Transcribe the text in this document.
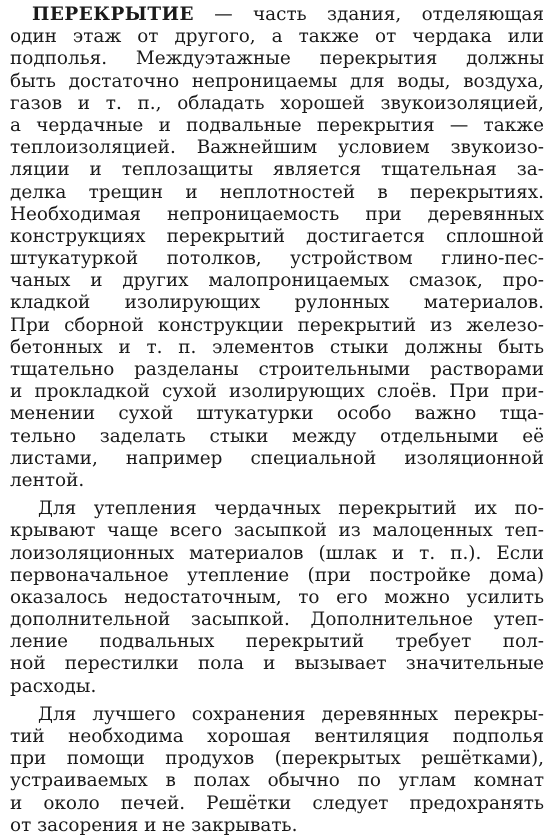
ПЕРЕКРЫТИЕ — часть здания, отделяющая
один этаж от другого, а также от чердака или
подполья. Междуэтажные перекрытия должны
быть достаточно непроницаемы для воды, воздуха,
газов и т. п., обладать хорошей звукоизоляцией,
а чердачные и подвальные перекрытия — также
теплоизоляцией. Важнейшим условием звукоизо-
ляции и теплозащиты является тщательная за-
делка трещин и неплотностей в перекрытиях.
Необходимая непроницаемость при деревянных
конструкциях перекрытий достигается сплошной
штукатуркой потолков, устройством глино-пес-
чаных и других малопроницаемых смазок, про-
кладкой изолирующих рулонных материалов.
При сборной конструкции перекрытий из железо-
бетонных и т. п. элементов стыки должны быть
тщательно разделаны строительными растворами
и прокладкой сухой изолирующих слоёв. При при-
менении сухой штукатурки особо важно тща-
тельно заделать стыки между отдельными её
листами, например специальной изоляционной
лентой.
Для утепления чердачных перекрытий их по-
крывают чаще всего засыпкой из малоценных теп-
лоизоляционных материалов (шлак и т. п.). Если
первоначальное утепление (при постройке дома)
оказалось недостаточным, то его можно усилить
дополнительной засыпкой. Дополнительное утеп-
ление подвальных перекрытий требует пол-
ной перестилки пола и вызывает значительные
расходы.
Для лучшего сохранения деревянных перекры-
тий необходима хорошая вентиляция подполья
при помощи продухов (перекрытых решётками),
устраиваемых в полах обычно по углам комнат
и около печей. Решётки следует предохранять
от засорения и не закрывать.
